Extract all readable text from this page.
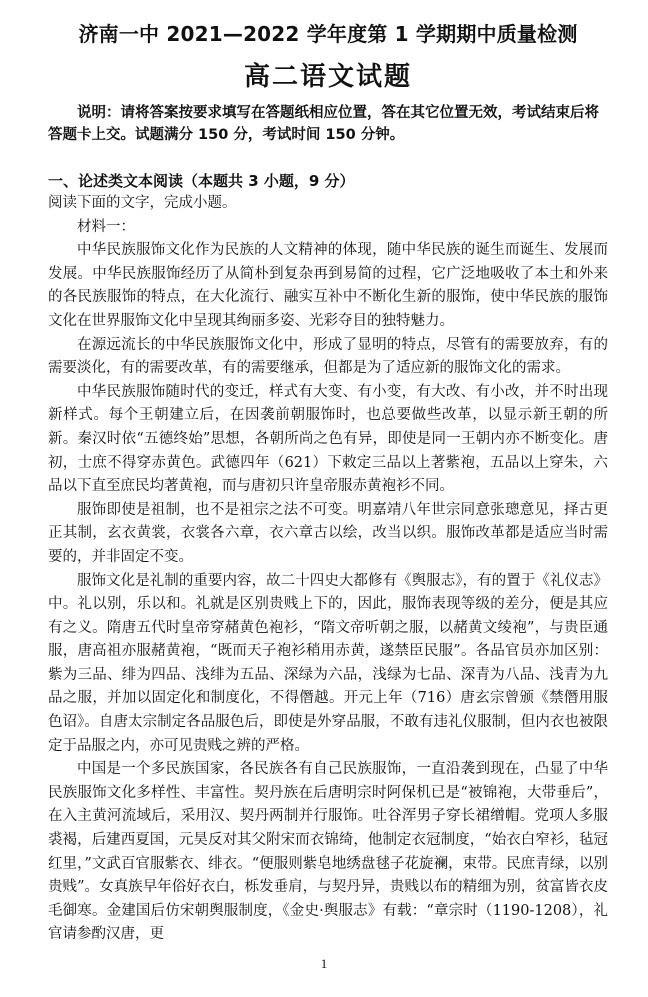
济南一中 2021—2022 学年度第 1 学期期中质量检测
高二语文试题

说明：请将答案按要求填写在答题纸相应位置，答在其它位置无效，考试结束后将答题卡上交。试题满分 150 分，考试时间 150 分钟。

一、论述类文本阅读（本题共 3 小题，9 分）

阅读下面的文字，完成小题。

材料一：

中华民族服饰文化作为民族的人文精神的体现，随中华民族的诞生而诞生、发展而发展。中华民族服饰经历了从简朴到复杂再到易简的过程，它广泛地吸收了本土和外来的各民族服饰的特点，在大化流行、融实互补中不断化生新的服饰，使中华民族的服饰文化在世界服饰文化中呈现其绚丽多姿、光彩夺目的独特魅力。

在源远流长的中华民族服饰文化中，形成了显明的特点，尽管有的需要放弃，有的需要淡化，有的需要改革，有的需要继承，但都是为了适应新的服饰文化的需求。

中华民族服饰随时代的变迁，样式有大变、有小变，有大改、有小改，并不时出现新样式。每个王朝建立后，在因袭前朝服饰时，也总要做些改革，以显示新王朝的所新。秦汉时依“五德终始”思想，各朝所尚之色有异，即使是同一王朝内亦不断变化。唐初，士庶不得穿赤黄色。武德四年（621）下敕定三品以上著紫袍，五品以上穿朱，六品以下直至庶民均著黄袍，而与唐初只许皇帝服赤黄袍衫不同。

服饰即使是祖制，也不是祖宗之法不可变。明嘉靖八年世宗同意张璁意见，择古更正其制，玄衣黄裳，衣裳各六章，衣六章古以绘，改当以织。服饰改革都是适应当时需要的，并非固定不变。

服饰文化是礼制的重要内容，故二十四史大都修有《舆服志》，有的置于《礼仪志》中。礼以别，乐以和。礼就是区别贵贱上下的，因此，服饰表现等级的差分，便是其应有之义。隋唐五代时皇帝穿赭黄色袍衫，“隋文帝听朝之服，以赭黄文绫袍”，与贵臣通服，唐高祖亦服赭黄袍，“既而天子袍衫稍用赤黄，遂禁臣民服”。各品官员亦加区别：紫为三品、绯为四品、浅绯为五品、深绿为六品，浅绿为七品、深青为八品、浅青为九品之服，并加以固定化和制度化，不得僭越。开元上年（716）唐玄宗曾颁《禁僭用服色诏》。自唐太宗制定各品服色后，即使是外穿品服，不敢有违礼仪服制，但内衣也被限定于品服之内，亦可见贵贱之辨的严格。

中国是一个多民族国家，各民族各有自己民族服饰，一直沿袭到现在，凸显了中华民族服饰文化多样性、丰富性。契丹族在后唐明宗时阿保机已是“被锦袍，大带垂后”，在入主黄河流域后，采用汉、契丹两制并行服饰。吐谷浑男子穿长裙缯帽。党项人多服裘褐，后建西夏国，元昊反对其父附宋而衣锦绮，他制定衣冠制度，“始衣白窄衫，毡冠红里，”文武百官服紫衣、绯衣。“便服则紫皂地绣盘毬子花旋襕，束带。民庶青绿，以别贵贱”。女真族早年俗好衣白，栎发垂肩，与契丹异，贵贱以布的精细为别，贫富皆衣皮毛御寒。金建国后仿宋朝舆服制度，《金史·舆服志》有载：“章宗时（1190-1208），礼官请参酌汉唐，更

1
